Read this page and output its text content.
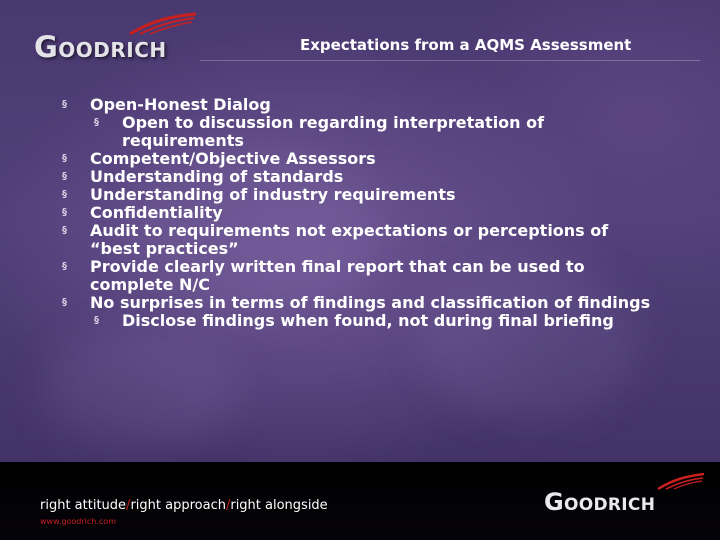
Goodrich	Expectations from a AQMS Assessment
§ Open-Honest Dialog
§ Open to discussion regarding interpretation of requirements
§ Competent/Objective Assessors
§ Understanding of standards
§ Understanding of industry requirements
§ Confidentiality
§ Audit to requirements not expectations or perceptions of “best practices”
§ Provide clearly written final report that can be used to complete N/C
§ No surprises in terms of findings and classification of findings
§ Disclose findings when found, not during final briefing
right attitude/right approach/right alongside
www.goodrich.com
Goodrich
